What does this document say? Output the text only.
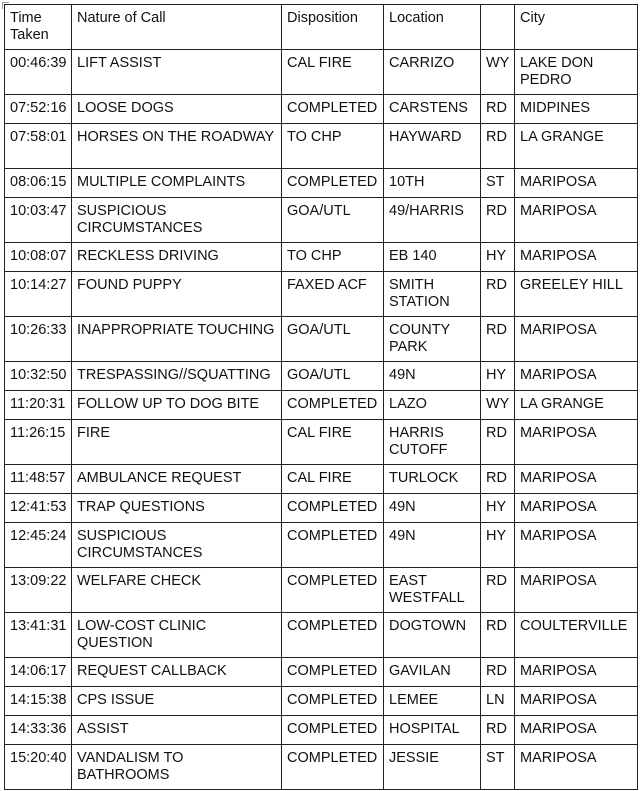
Time Taken	Nature of Call	Disposition	Location		City
00:46:39	LIFT ASSIST	CAL FIRE	CARRIZO	WY	LAKE DON PEDRO
07:52:16	LOOSE DOGS	COMPLETED	CARSTENS	RD	MIDPINES
07:58:01	HORSES ON THE ROADWAY	TO CHP	HAYWARD	RD	LA GRANGE
08:06:15	MULTIPLE COMPLAINTS	COMPLETED	10TH	ST	MARIPOSA
10:03:47	SUSPICIOUS CIRCUMSTANCES	GOA/UTL	49/HARRIS	RD	MARIPOSA
10:08:07	RECKLESS DRIVING	TO CHP	EB 140	HY	MARIPOSA
10:14:27	FOUND PUPPY	FAXED ACF	SMITH STATION	RD	GREELEY HILL
10:26:33	INAPPROPRIATE TOUCHING	GOA/UTL	COUNTY PARK	RD	MARIPOSA
10:32:50	TRESPASSING//SQUATTING	GOA/UTL	49N	HY	MARIPOSA
11:20:31	FOLLOW UP TO DOG BITE	COMPLETED	LAZO	WY	LA GRANGE
11:26:15	FIRE	CAL FIRE	HARRIS CUTOFF	RD	MARIPOSA
11:48:57	AMBULANCE REQUEST	CAL FIRE	TURLOCK	RD	MARIPOSA
12:41:53	TRAP QUESTIONS	COMPLETED	49N	HY	MARIPOSA
12:45:24	SUSPICIOUS CIRCUMSTANCES	COMPLETED	49N	HY	MARIPOSA
13:09:22	WELFARE CHECK	COMPLETED	EAST WESTFALL	RD	MARIPOSA
13:41:31	LOW-COST CLINIC QUESTION	COMPLETED	DOGTOWN	RD	COULTERVILLE
14:06:17	REQUEST CALLBACK	COMPLETED	GAVILAN	RD	MARIPOSA
14:15:38	CPS ISSUE	COMPLETED	LEMEE	LN	MARIPOSA
14:33:36	ASSIST	COMPLETED	HOSPITAL	RD	MARIPOSA
15:20:40	VANDALISM TO BATHROOMS	COMPLETED	JESSIE	ST	MARIPOSA
